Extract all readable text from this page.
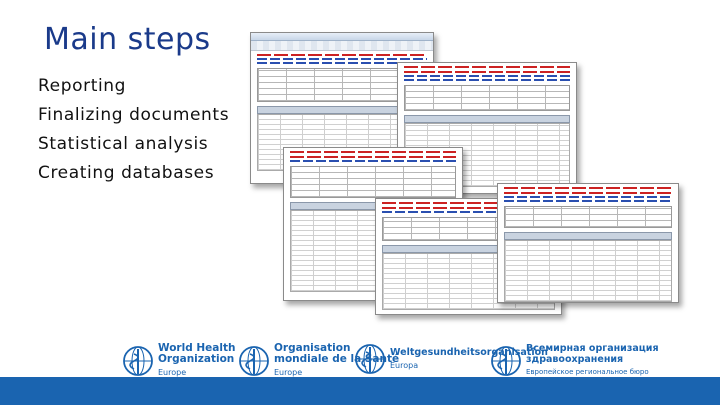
Main steps
Reporting
Finalizing documents
Statistical analysis
Creating databases
World Health
Organization
Europe
Organisation
mondiale de la Santé
Europe
Weltgesundheitsorganisation
Europa
Всемирная организация
здравоохранения
Европейское региональное бюро
